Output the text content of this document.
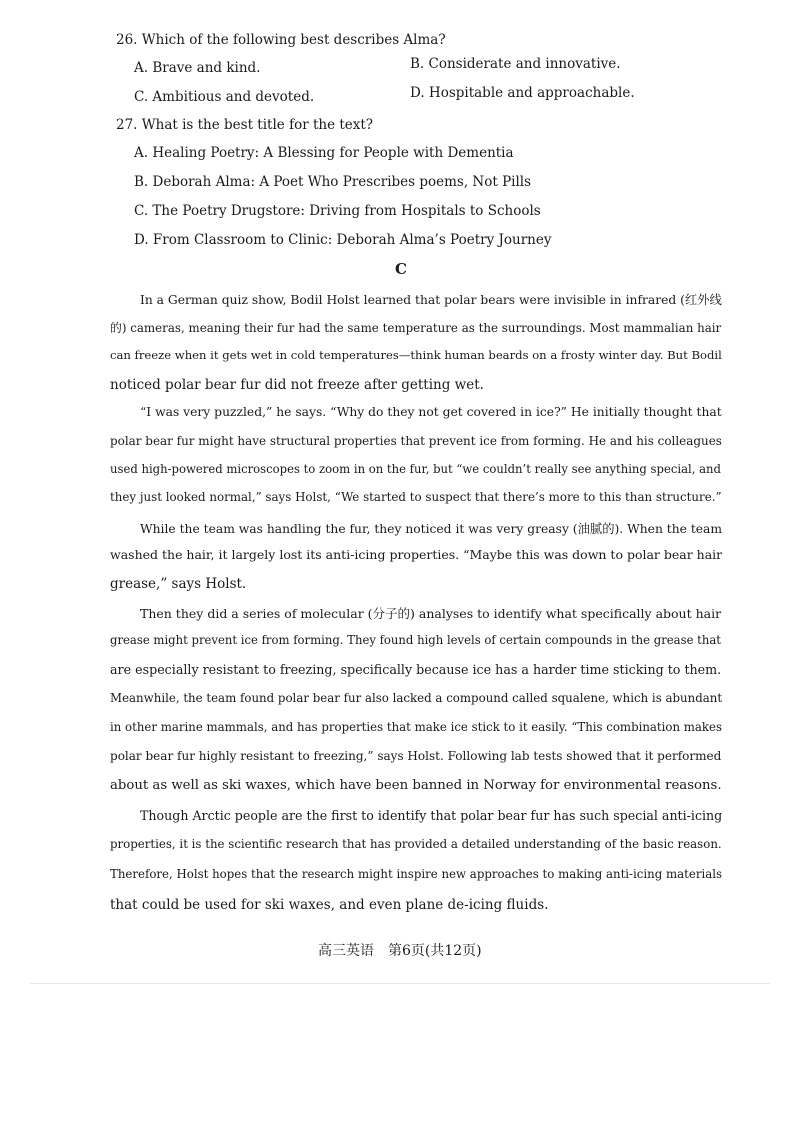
26. Which of the following best describes Alma?
A. Brave and kind.	B. Considerate and innovative.
C. Ambitious and devoted.	D. Hospitable and approachable.
27. What is the best title for the text?
A. Healing Poetry: A Blessing for People with Dementia
B. Deborah Alma: A Poet Who Prescribes poems, Not Pills
C. The Poetry Drugstore: Driving from Hospitals to Schools
D. From Classroom to Clinic: Deborah Alma’s Poetry Journey
C
In a German quiz show, Bodil Holst learned that polar bears were invisible in infrared (红外线
的) cameras, meaning their fur had the same temperature as the surroundings. Most mammalian hair
can freeze when it gets wet in cold temperatures—think human beards on a frosty winter day. But Bodil
noticed polar bear fur did not freeze after getting wet.
“I was very puzzled,” he says. “Why do they not get covered in ice?” He initially thought that
polar bear fur might have structural properties that prevent ice from forming. He and his colleagues
used high-powered microscopes to zoom in on the fur, but “we couldn’t really see anything special, and
they just looked normal,” says Holst, “We started to suspect that there’s more to this than structure.”
While the team was handling the fur, they noticed it was very greasy (油腻的). When the team
washed the hair, it largely lost its anti-icing properties. “Maybe this was down to polar bear hair
grease,” says Holst.
Then they did a series of molecular (分子的) analyses to identify what specifically about hair
grease might prevent ice from forming. They found high levels of certain compounds in the grease that
are especially resistant to freezing, specifically because ice has a harder time sticking to them.
Meanwhile, the team found polar bear fur also lacked a compound called squalene, which is abundant
in other marine mammals, and has properties that make ice stick to it easily. “This combination makes
polar bear fur highly resistant to freezing,” says Holst. Following lab tests showed that it performed
about as well as ski waxes, which have been banned in Norway for environmental reasons.
Though Arctic people are the first to identify that polar bear fur has such special anti-icing
properties, it is the scientific research that has provided a detailed understanding of the basic reason.
Therefore, Holst hopes that the research might inspire new approaches to making anti-icing materials
that could be used for ski waxes, and even plane de-icing fluids.
高三英语　第6页(共12页)
